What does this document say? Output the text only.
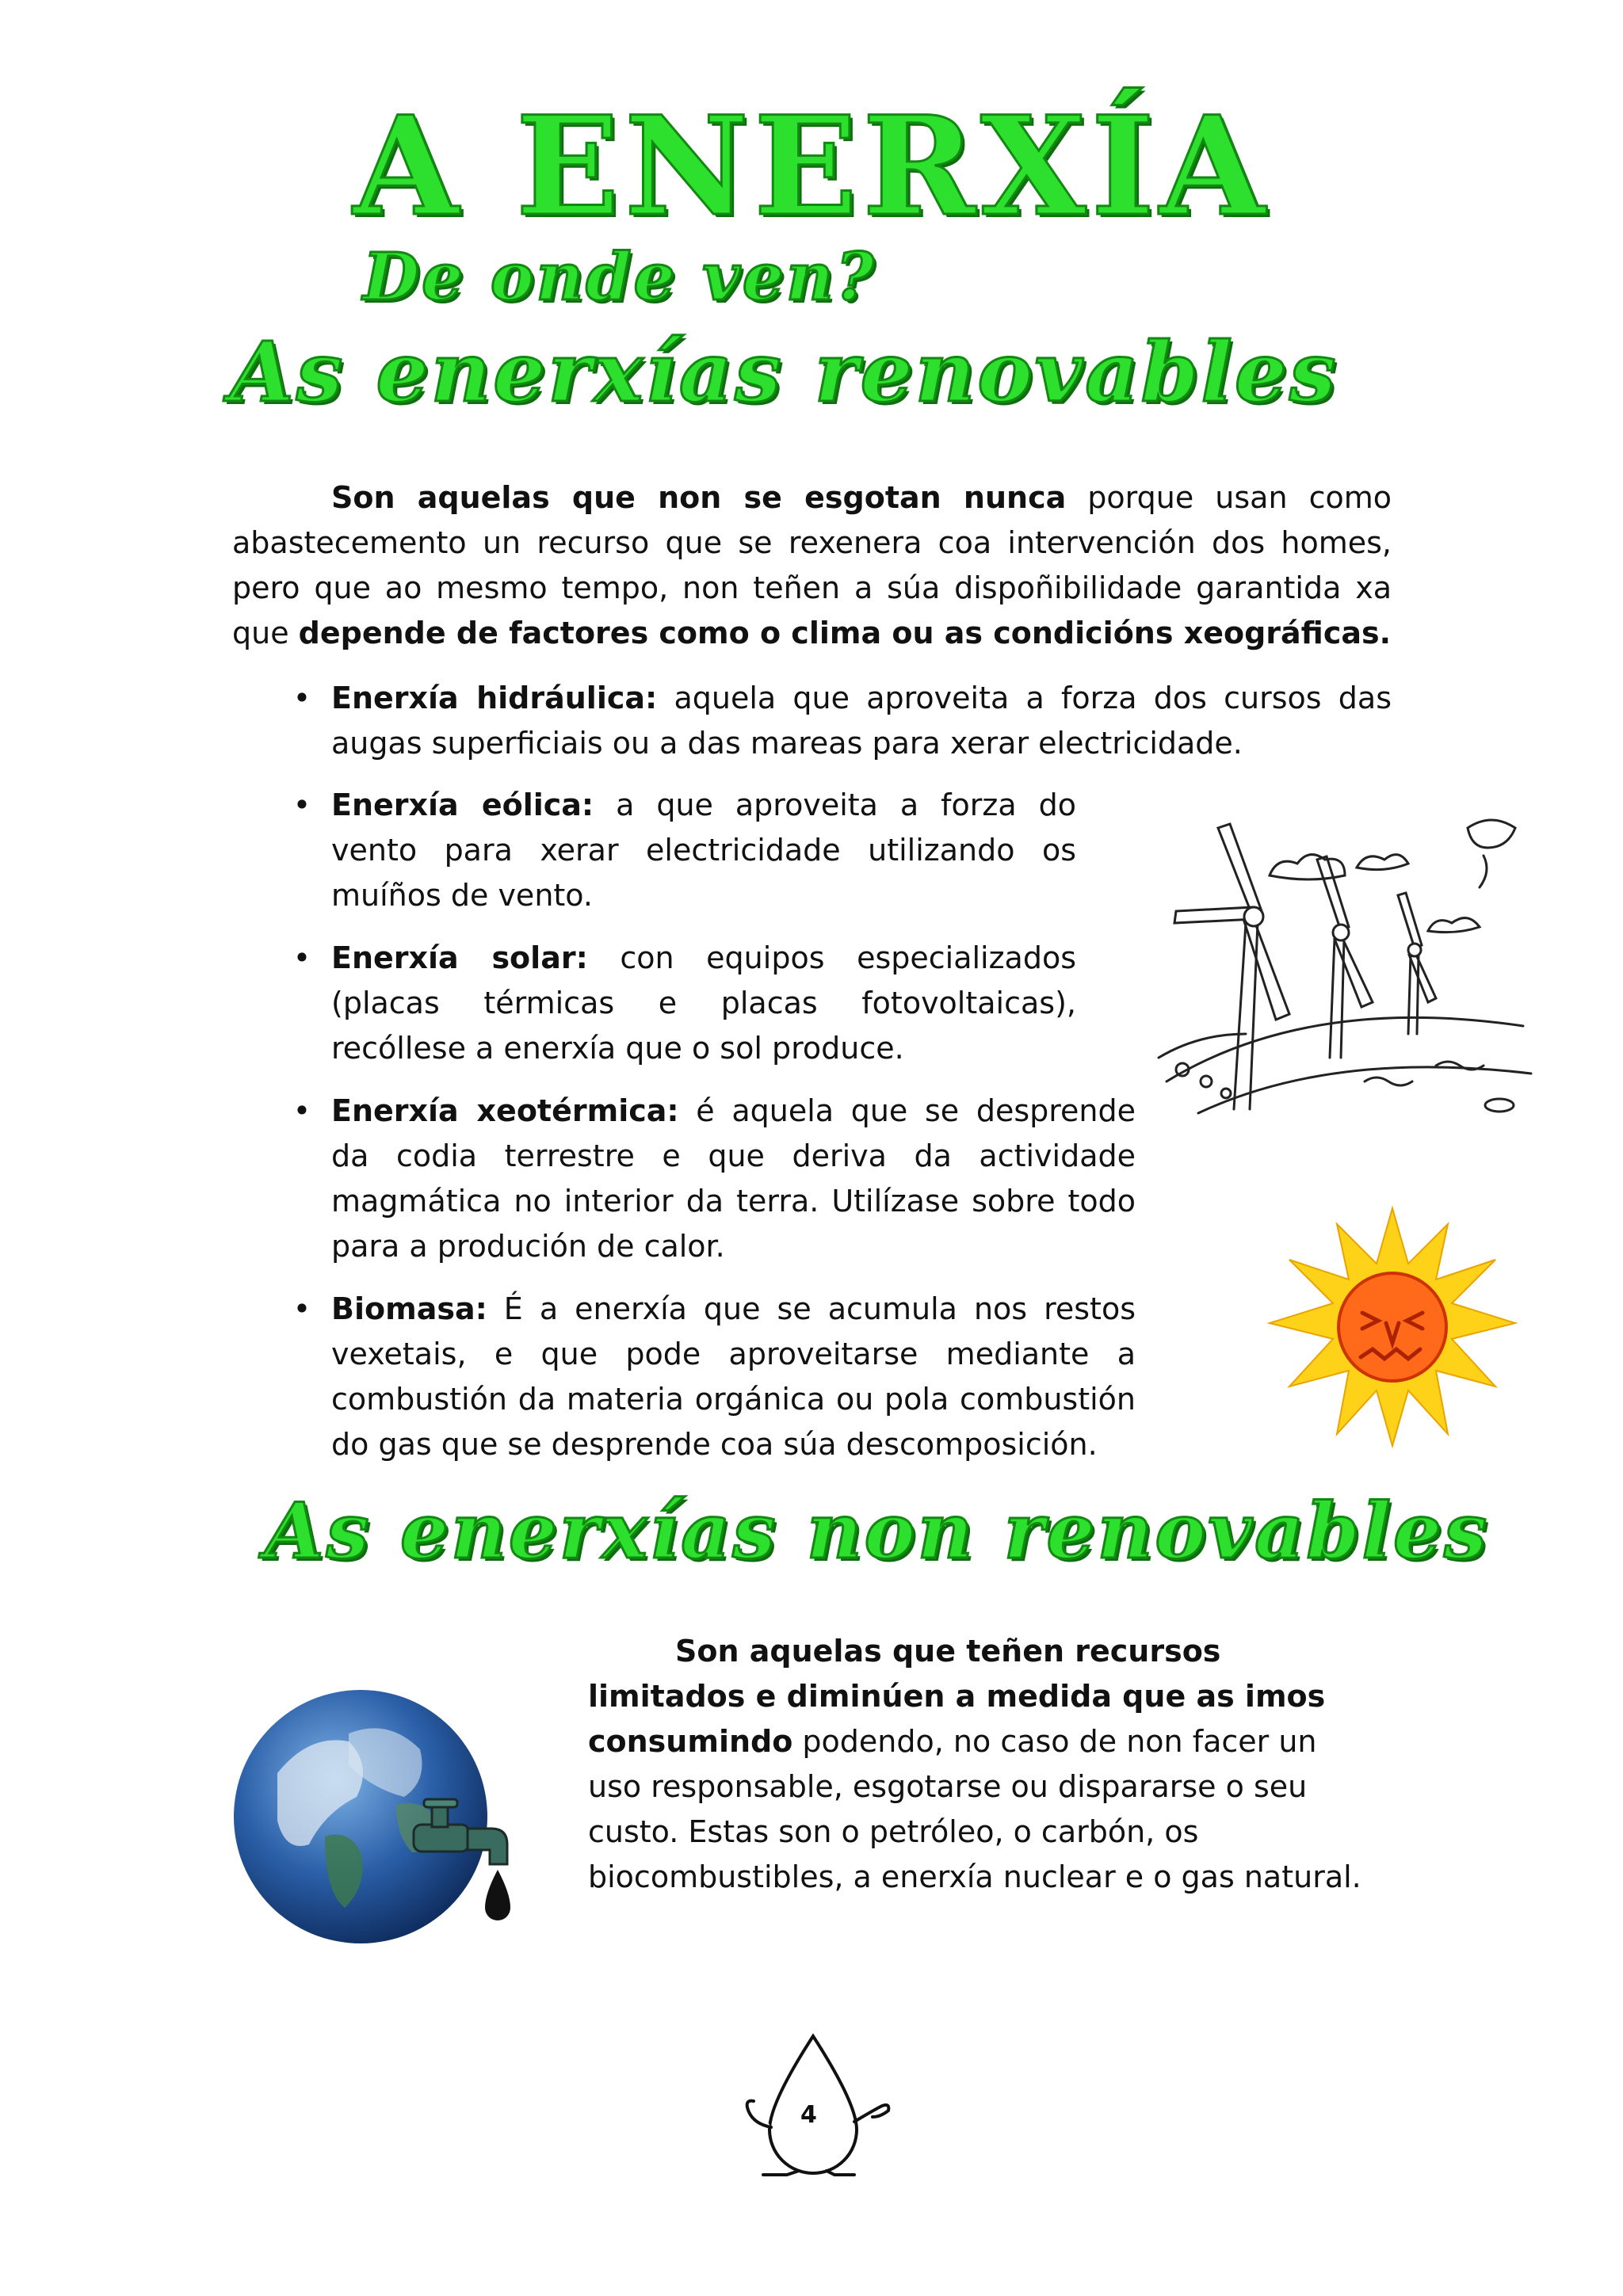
A ENERXÍA
De onde ven?
As enerxías renovables

Son aquelas que non se esgotan nunca porque usan como abastecemento un recurso que se rexenera coa intervención dos homes, pero que ao mesmo tempo, non teñen a súa dispoñibilidade garantida xa que depende de factores como o clima ou as condicións xeográficas.

• Enerxía hidráulica: aquela que aproveita a forza dos cursos das augas superficiais ou a das mareas para xerar electricidade.

• Enerxía eólica: a que aproveita a forza do vento para xerar electricidade utilizando os muíños de vento.

• Enerxía solar: con equipos especializados (placas térmicas e placas fotovoltaicas), recóllese a enerxía que o sol produce.

• Enerxía xeotérmica: é aquela que se desprende da codia terrestre e que deriva da actividade magmática no interior da terra. Utilízase sobre todo para a produción de calor.

• Biomasa: É a enerxía que se acumula nos restos vexetais, e que pode aproveitarse mediante a combustión da materia orgánica ou pola combustión do gas que se desprende coa súa descomposición.

As enerxías non renovables

Son aquelas que teñen recursos limitados e diminúen a medida que as imos consumindo podendo, no caso de non facer un uso responsable, esgotarse ou dispararse o seu custo. Estas son o petróleo, o carbón, os biocombustibles, a enerxía nuclear e o gas natural.

4
